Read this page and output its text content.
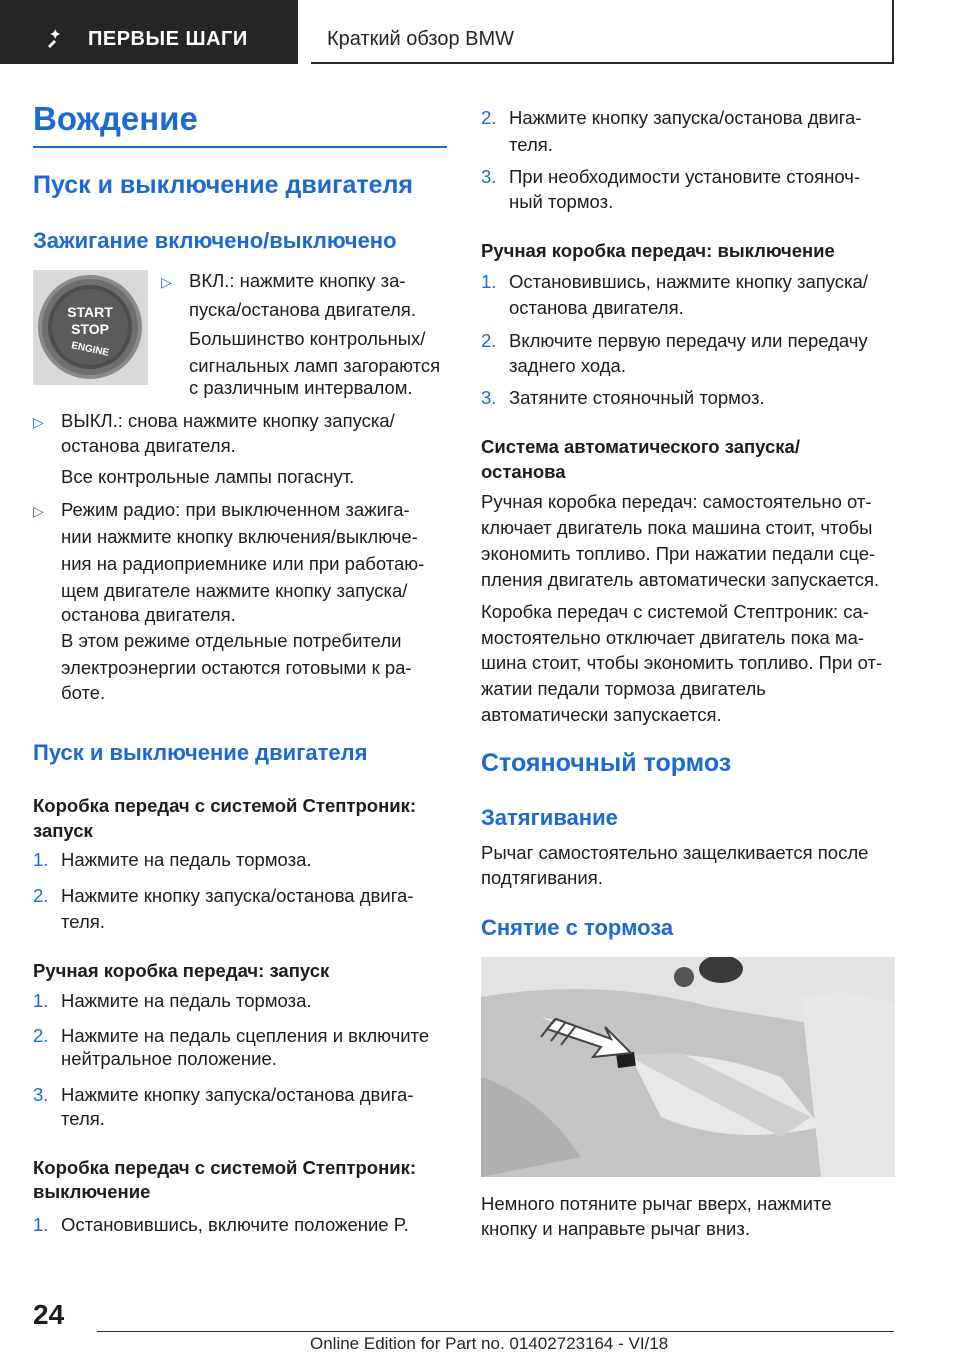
ПЕРВЫЕ ШАГИ	Краткий обзор BMW
Вождение
Пуск и выключение двигателя
Зажигание включено/выключено
START
STOP
ENGINE
▷ ВКЛ.: нажмите кнопку за-
пуска/останова двигателя.
Большинство контрольных/
сигнальных ламп загораются
с различным интервалом.
▷ ВЫКЛ.: снова нажмите кнопку запуска/
останова двигателя.
Все контрольные лампы погаснут.
▷ Режим радио: при выключенном зажига-
нии нажмите кнопку включения/выключе-
ния на радиоприемнике или при работаю-
щем двигателе нажмите кнопку запуска/
останова двигателя.
В этом режиме отдельные потребители
электроэнергии остаются готовыми к ра-
боте.
Пуск и выключение двигателя
Коробка передач с системой Стептроник:
запуск
1. Нажмите на педаль тормоза.
2. Нажмите кнопку запуска/останова двига-
теля.
Ручная коробка передач: запуск
1. Нажмите на педаль тормоза.
2. Нажмите на педаль сцепления и включите
нейтральное положение.
3. Нажмите кнопку запуска/останова двига-
теля.
Коробка передач с системой Стептроник:
выключение
1. Остановившись, включите положение P.
2. Нажмите кнопку запуска/останова двига-
теля.
3. При необходимости установите стояноч-
ный тормоз.
Ручная коробка передач: выключение
1. Остановившись, нажмите кнопку запуска/
останова двигателя.
2. Включите первую передачу или передачу
заднего хода.
3. Затяните стояночный тормоз.
Система автоматического запуска/
останова
Ручная коробка передач: самостоятельно от-
ключает двигатель пока машина стоит, чтобы
экономить топливо. При нажатии педали сце-
пления двигатель автоматически запускается.
Коробка передач с системой Стептроник: са-
мостоятельно отключает двигатель пока ма-
шина стоит, чтобы экономить топливо. При от-
жатии педали тормоза двигатель
автоматически запускается.
Стояночный тормоз
Затягивание
Рычаг самостоятельно защелкивается после
подтягивания.
Снятие с тормоза
Немного потяните рычаг вверх, нажмите
кнопку и направьте рычаг вниз.
24
Online Edition for Part no. 01402723164 - VI/18
